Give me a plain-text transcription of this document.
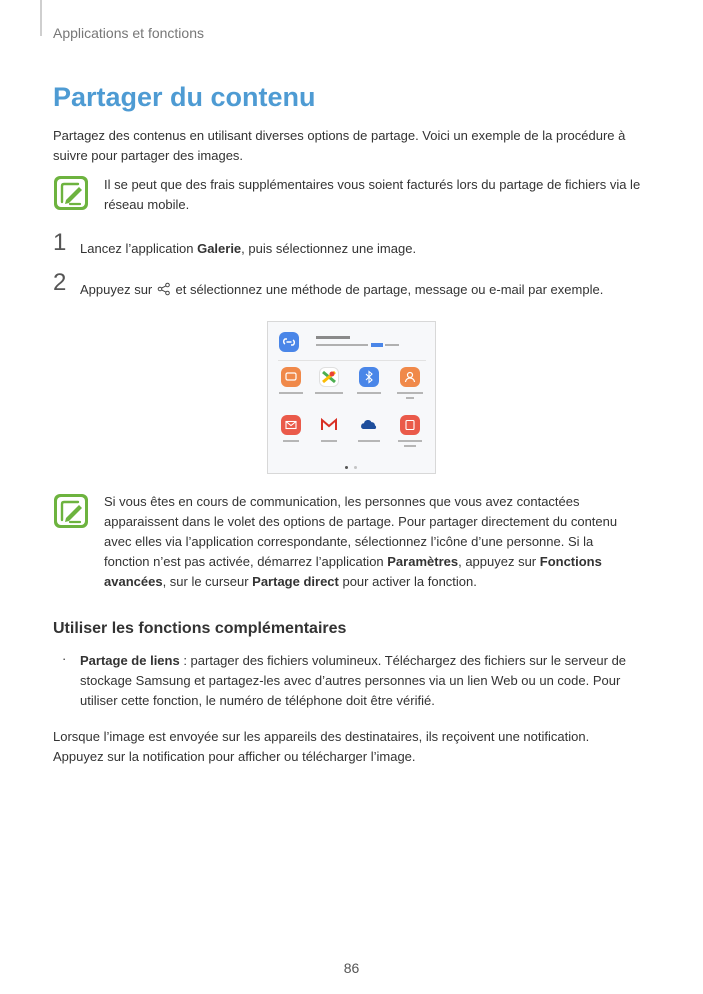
Applications et fonctions
Partager du contenu
Partagez des contenus en utilisant diverses options de partage. Voici un exemple de la procédure à
suivre pour partager des images.
Il se peut que des frais supplémentaires vous soient facturés lors du partage de fichiers via le
réseau mobile.
1 Lancez l’application Galerie, puis sélectionnez une image.
2 Appuyez sur  et sélectionnez une méthode de partage, message ou e-mail par exemple.
Si vous êtes en cours de communication, les personnes que vous avez contactées
apparaissent dans le volet des options de partage. Pour partager directement du contenu
avec elles via l’application correspondante, sélectionnez l’icône d’une personne. Si la
fonction n’est pas activée, démarrez l’application Paramètres, appuyez sur Fonctions
avancées, sur le curseur Partage direct pour activer la fonction.
Utiliser les fonctions complémentaires
· Partage de liens : partager des fichiers volumineux. Téléchargez des fichiers sur le serveur de
stockage Samsung et partagez-les avec d’autres personnes via un lien Web ou un code. Pour
utiliser cette fonction, le numéro de téléphone doit être vérifié.
Lorsque l’image est envoyée sur les appareils des destinataires, ils reçoivent une notification.
Appuyez sur la notification pour afficher ou télécharger l’image.
86
